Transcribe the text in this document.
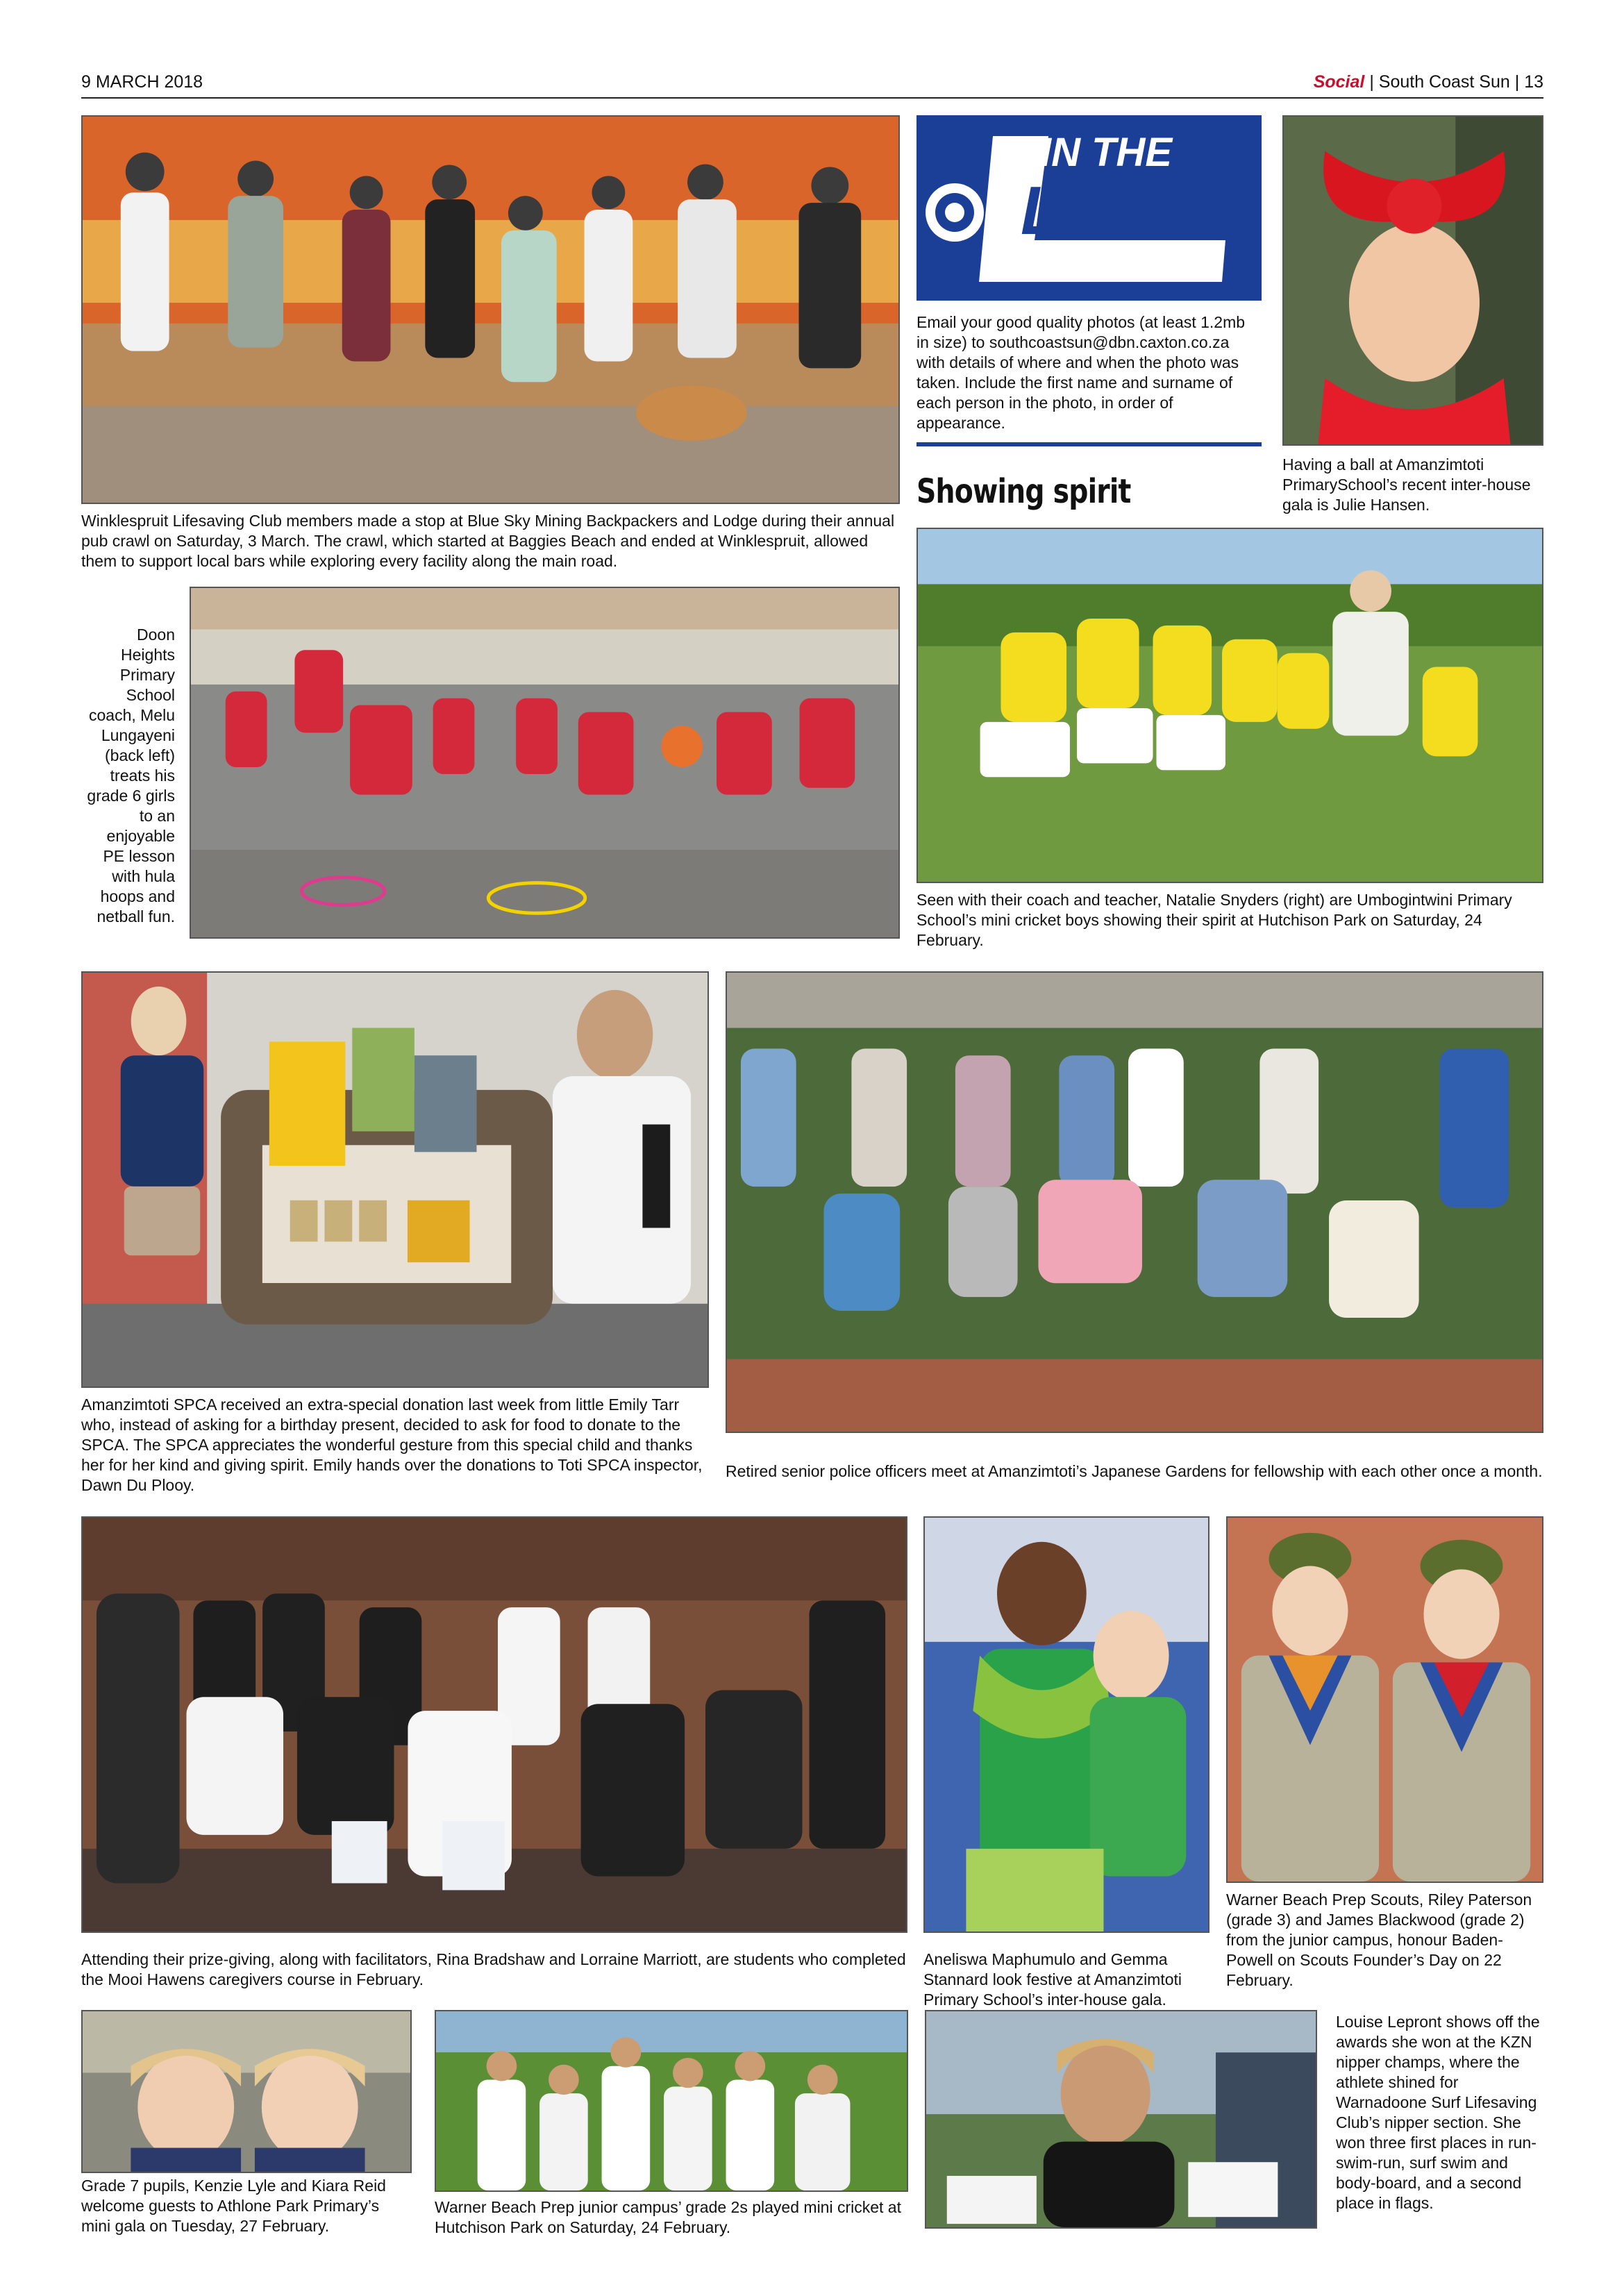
9 MARCH 2018	Social | South Coast Sun | 13
Winklespruit Lifesaving Club members made a stop at Blue Sky Mining Backpackers and Lodge during their annual pub crawl on Saturday, 3 March. The crawl, which started at Baggies Beach and ended at Winklespruit, allowed them to support local bars while exploring every facility along the main road.
IN THE
Lens
Email your good quality photos (at least 1.2mb in size) to southcoastsun@dbn.caxton.co.za with details of where and when the photo was taken. Include the first name and surname of each person in the photo, in order of appearance.
Showing spirit
Having a ball at Amanzimtoti PrimarySchool’s recent inter-house gala is Julie Hansen.
Doon Heights Primary School coach, Melu Lungayeni (back left) treats his grade 6 girls to an enjoyable PE lesson with hula hoops and netball fun.
Seen with their coach and teacher, Natalie Snyders (right) are Umbogintwini Primary School’s mini cricket boys showing their spirit at Hutchison Park on Saturday, 24 February.
Amanzimtoti SPCA received an extra-special donation last week from little Emily Tarr who, instead of asking for a birthday present, decided to ask for food to donate to the SPCA. The SPCA appreciates the wonderful gesture from this special child and thanks her for her kind and giving spirit. Emily hands over the donations to Toti SPCA inspector, Dawn Du Plooy.
Retired senior police officers meet at Amanzimtoti’s Japanese Gardens for fellowship with each other once a month.
Attending their prize-giving, along with facilitators, Rina Bradshaw and Lorraine Marriott, are students who completed the Mooi Hawens caregivers course in February.
Aneliswa Maphumulo and Gemma Stannard look festive at Amanzimtoti Primary School’s inter-house gala.
Warner Beach Prep Scouts, Riley Paterson (grade 3) and James Blackwood (grade 2) from the junior campus, honour Baden-Powell on Scouts Founder’s Day on 22 February.
Grade 7 pupils, Kenzie Lyle and Kiara Reid welcome guests to Athlone Park Primary’s mini gala on Tuesday, 27 February.
Warner Beach Prep junior campus’ grade 2s played mini cricket at Hutchison Park on Saturday, 24 February.
Louise Lepront shows off the awards she won at the KZN nipper champs, where the athlete shined for Warnadoone Surf Lifesaving Club’s nipper section. She won three first places in run-swim-run, surf swim and body-board, and a second place in flags.
